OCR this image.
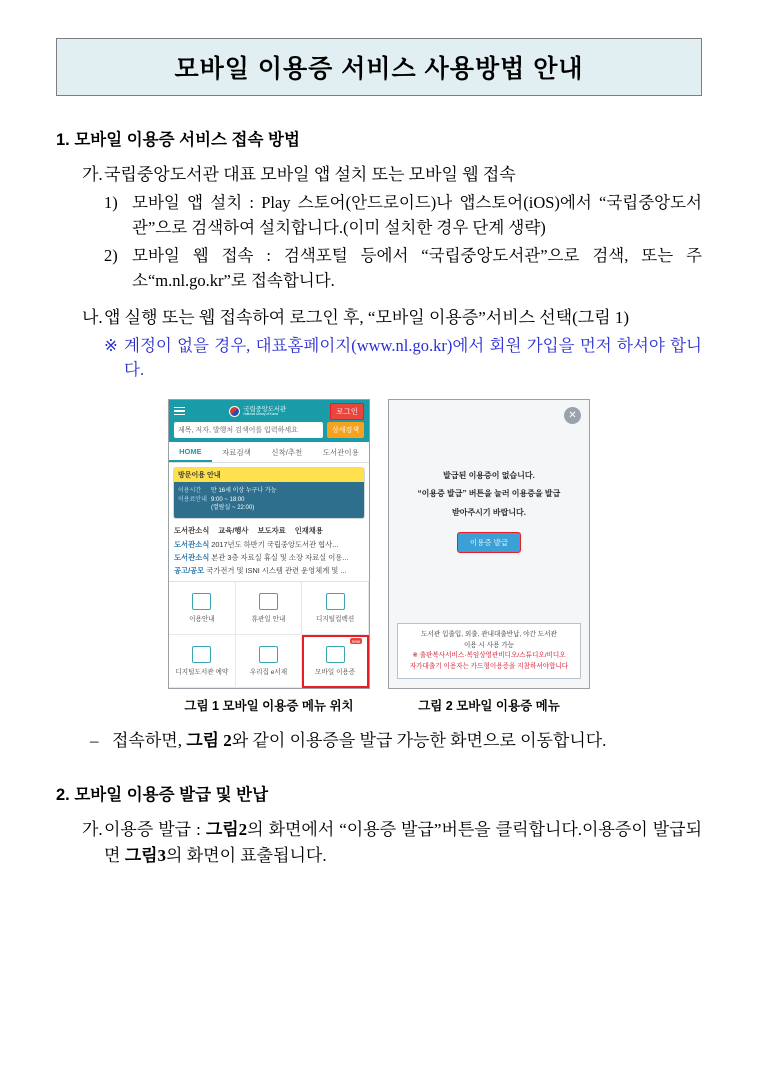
모바일 이용증 서비스 사용방법 안내
1. 모바일 이용증 서비스 접속 방법
가. 국립중앙도서관 대표 모바일 앱 설치 또는 모바일 웹 접속
1) 모바일 앱 설치 : Play 스토어(안드로이드)나 앱스토어(iOS)에서 “국립중앙도서관”으로 검색하여 설치합니다.(이미 설치한 경우 단계 생략)
2) 모바일 웹 접속 : 검색포털 등에서 “국립중앙도서관”으로 검색, 또는 주소“m.nl.go.kr”로 접속합니다.
나. 앱 실행 또는 웹 접속하여 로그인 후, “모바일 이용증”서비스 선택(그림 1)
※ 계정이 없을 경우, 대표홈페이지(www.nl.go.kr)에서 회원 가입을 먼저 하셔야 합니다.
국립중앙도서관
National Library of Korea	로그인
제목, 저자, 발행처 검색어를 입력하세요	상세검색
HOME	자료검색	신착/추천	도서관이용
방문이용 안내
이용시간
이용료안내
만 16세 이상 누구나 가능
9:00 ~ 18:00
(열람실 ~ 22:00)
도서관소식 교육/행사 보도자료 인재채용
도서관소식 2017년도 하반기 국립중앙도서관 협사...
도서관소식 본관 3층 자료실 휴실 및 소장 자료실 이용...
공고/공모 국가전거 및 ISNI 시스템 관련 운영체계 및 ...
이용안내	휴관일 안내	디지털컬렉션
디지털도서관 예약	우리집 e서재
new
모바일 이용증
그림 1 모바일 이용증 메뉴 위치
✕
발급된 이용증이 없습니다.
“이용증 발급” 버튼을 눌러 이용증을 발급
받아주시기 바랍니다.
이용증 발급
도서관 입출입, 외출, 관내대출반납, 야간 도서관
이용 시 사용 가능
※ 출판복사서비스·복임상영관비디오/스튜디오/비디오
자가대출기 이용자는 카드형이용증을 지참하셔야합니다
그림 2 모바일 이용증 메뉴
– 접속하면, 그림 2와 같이 이용증을 발급 가능한 화면으로 이동합니다.
2. 모바일 이용증 발급 및 반납
가. 이용증 발급 : 그림2의 화면에서 “이용증 발급”버튼을 클릭합니다.이용증이 발급되면 그림3의 화면이 표출됩니다.
